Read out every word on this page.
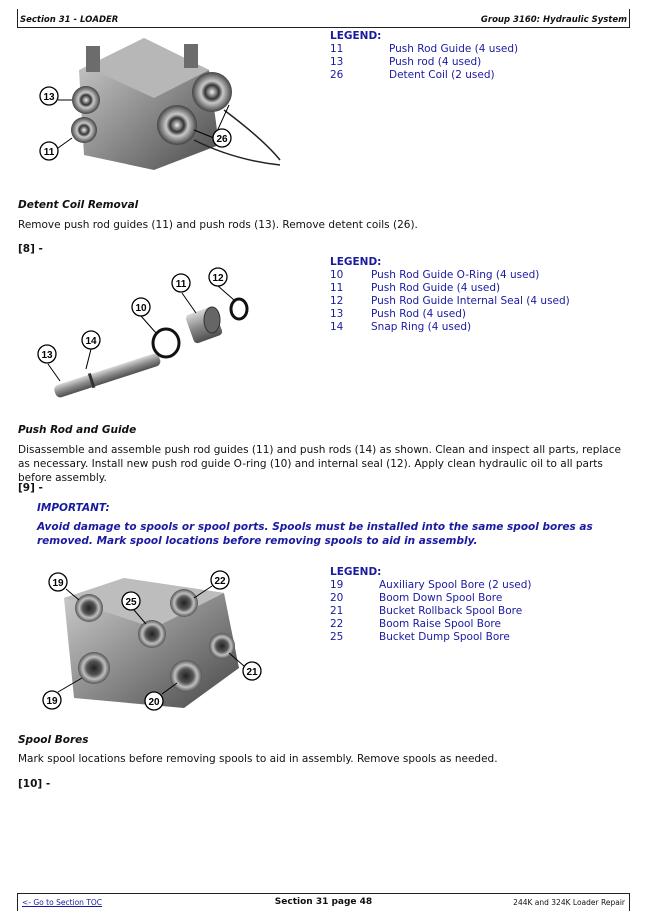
Section 31 - LOADER	Group 3160: Hydraulic System
13
11
26
LEGEND:
11	Push Rod Guide (4 used)
13	Push rod (4 used)
26	Detent Coil (2 used)
Detent Coil Removal
Remove push rod guides (11) and push rods (13). Remove detent coils (26).
[8] -
11
12
10
14
13
LEGEND:
10	Push Rod Guide O-Ring (4 used)
11	Push Rod Guide (4 used)
12	Push Rod Guide Internal Seal (4 used)
13	Push Rod (4 used)
14	Snap Ring (4 used)
Push Rod and Guide
Disassemble and assemble push rod guides (11) and push rods (14) as shown. Clean and inspect all parts, replace as necessary. Install new push rod guide O-ring (10) and internal seal (12). Apply clean hydraulic oil to all parts before assembly.
[9] -
IMPORTANT:
Avoid damage to spools or spool ports. Spools must be installed into the same spool bores as removed. Mark spool locations before removing spools to aid in assembly.
19	22
25
21
19	20
LEGEND:
19	Auxiliary Spool Bore (2 used)
20	Boom Down Spool Bore
21	Bucket Rollback Spool Bore
22	Boom Raise Spool Bore
25	Bucket Dump Spool Bore
Spool Bores
Mark spool locations before removing spools to aid in assembly. Remove spools as needed.
[10] -
<- Go to Section TOC	Section 31 page 48	244K and 324K Loader Repair
